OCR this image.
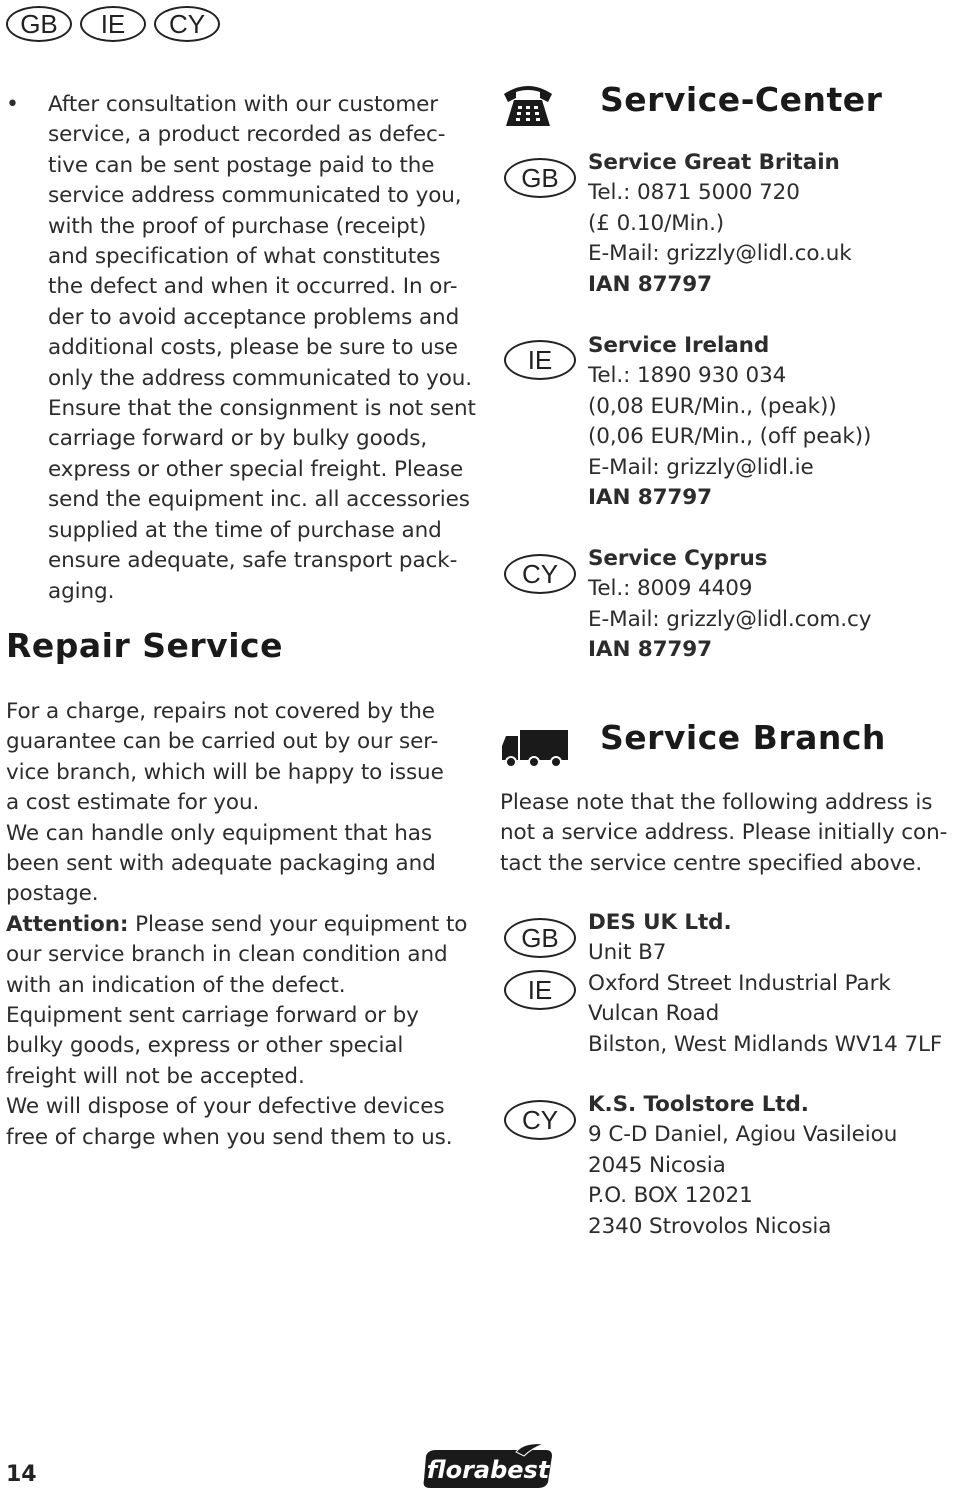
GB	IE	CY
• After consultation with our customer

service, a product recorded as defec-

tive can be sent postage paid to the

service address communicated to you,

with the proof of purchase (receipt)

and specification of what constitutes

the defect and when it occurred. In or-

der to avoid acceptance problems and

additional costs, please be sure to use

only the address communicated to you.

Ensure that the consignment is not sent

carriage forward or by bulky goods,

express or other special freight. Please

send the equipment inc. all accessories

supplied at the time of purchase and

ensure adequate, safe transport pack-

aging.

Repair Service

For a charge, repairs not covered by the

guarantee can be carried out by our ser-

vice branch, which will be happy to issue

a cost estimate for you.

We can handle only equipment that has

been sent with adequate packaging and

postage.

Attention: Please send your equipment to

our service branch in clean condition and

with an indication of the defect.

Equipment sent carriage forward or by

bulky goods, express or other special

freight will not be accepted.

We will dispose of your defective devices

free of charge when you send them to us.

Service-Center
GB	Service Great Britain

Tel.: 0871 5000 720

(£ 0.10/Min.)

E-Mail: grizzly@lidl.co.uk

IAN 87797

IE	Service Ireland

Tel.: 1890 930 034

(0,08 EUR/Min., (peak))

(0,06 EUR/Min., (off peak))

E-Mail: grizzly@lidl.ie

IAN 87797

CY	Service Cyprus

Tel.: 8009 4409

E-Mail: grizzly@lidl.com.cy

IAN 87797

Service Branch

Please note that the following address is

not a service address. Please initially con-

tact the service centre specified above.

GB
IE

DES UK Ltd.

Unit B7

Oxford Street Industrial Park

Vulcan Road

Bilston, West Midlands WV14 7LF

CY	K.S. Toolstore Ltd.

9 C-D Daniel, Agiou Vasileiou

2045 Nicosia

P.O. BOX 12021

2340 Strovolos Nicosia

14	florabest
